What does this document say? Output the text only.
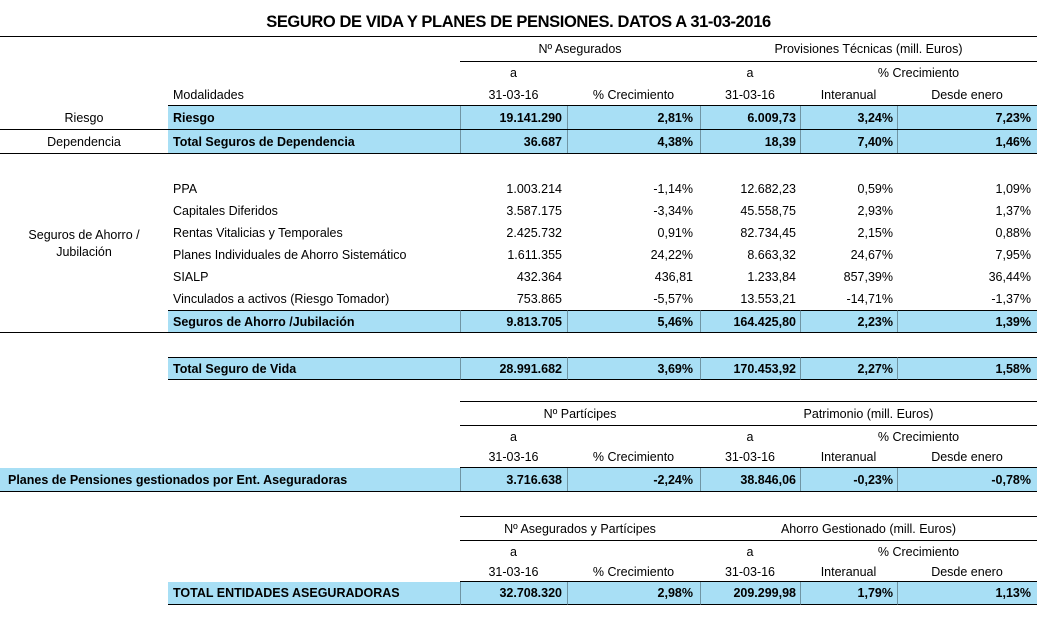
SEGURO DE VIDA Y PLANES DE PENSIONES. DATOS A 31-03-2016
Nº Asegurados	Provisiones Técnicas (mill. Euros)
a	a	% Crecimiento
Modalidades	31-03-16	% Crecimiento	31-03-16	Interanual	Desde enero
Riesgo	Riesgo	19.141.290	2,81%	6.009,73	3,24%	7,23%
Dependencia	Total Seguros de Dependencia	36.687	4,38%	18,39	7,40%	1,46%
Seguros de Ahorro /
Jubilación
PPA	1.003.214	-1,14%	12.682,23	0,59%	1,09%
Capitales Diferidos	3.587.175	-3,34%	45.558,75	2,93%	1,37%
Rentas Vitalicias y Temporales	2.425.732	0,91%	82.734,45	2,15%	0,88%
Planes Individuales de Ahorro Sistemático	1.611.355	24,22%	8.663,32	24,67%	7,95%
SIALP	432.364	436,81	1.233,84	857,39%	36,44%
Vinculados a activos (Riesgo Tomador)	753.865	-5,57%	13.553,21	-14,71%	-1,37%
Seguros de Ahorro /Jubilación	9.813.705	5,46%	164.425,80	2,23%	1,39%
Total Seguro de Vida	28.991.682	3,69%	170.453,92	2,27%	1,58%
Nº Partícipes	Patrimonio (mill. Euros)
a	a	% Crecimiento
31-03-16	% Crecimiento	31-03-16	Interanual	Desde enero
Planes de Pensiones gestionados por Ent. Aseguradoras	3.716.638	-2,24%	38.846,06	-0,23%	-0,78%
Nº Asegurados y Partícipes	Ahorro Gestionado (mill. Euros)
a	a	% Crecimiento
31-03-16	% Crecimiento	31-03-16	Interanual	Desde enero
TOTAL ENTIDADES ASEGURADORAS	32.708.320	2,98%	209.299,98	1,79%	1,13%
